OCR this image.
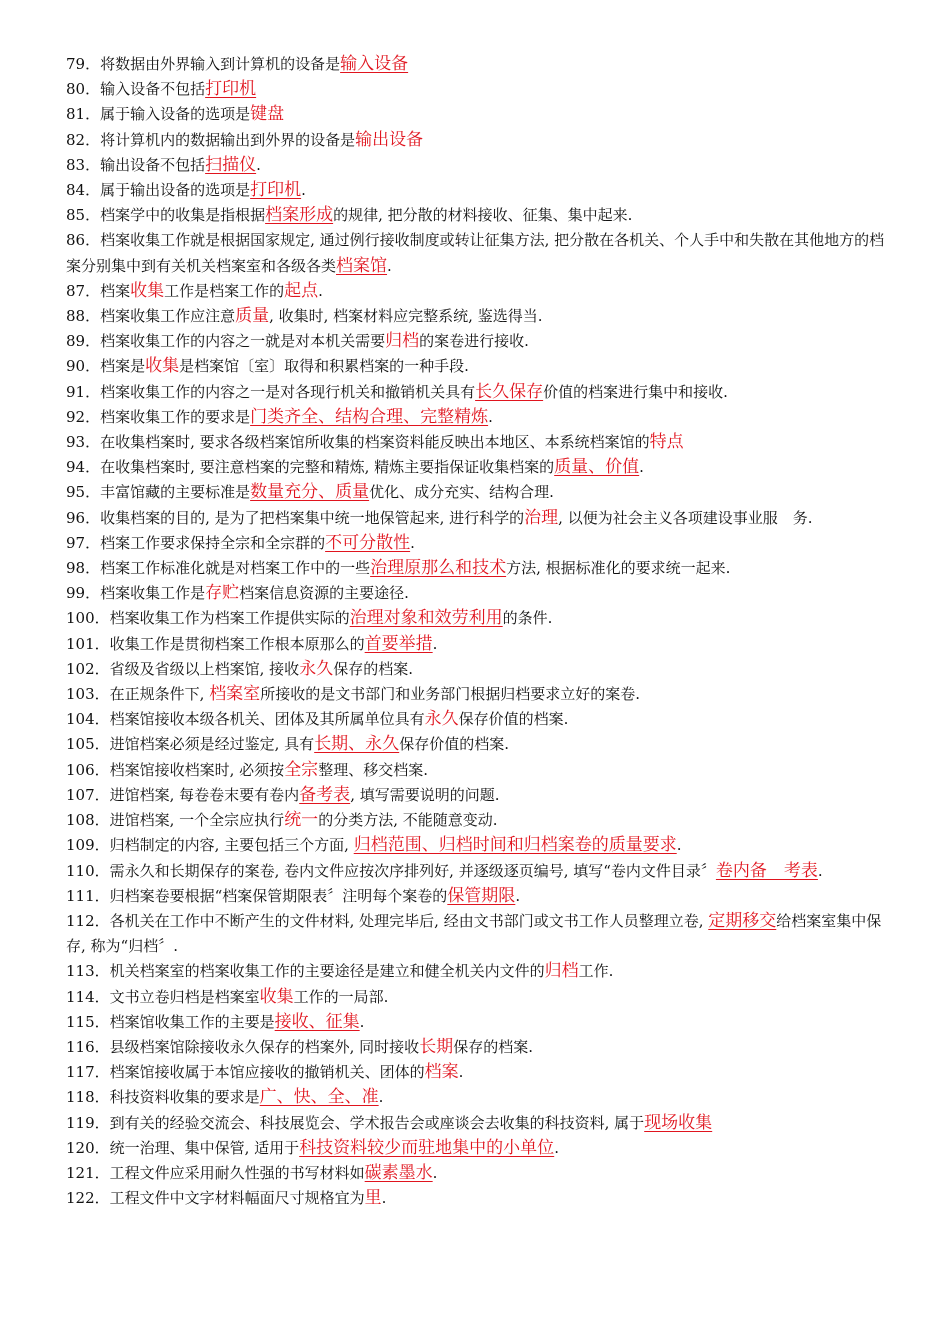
79．将数据由外界输入到计算机的设备是输入设备
80．输入设备不包括打印机
81．属于输入设备的选项是键盘
82．将计算机内的数据输出到外界的设备是输出设备
83．输出设备不包括扫描仪.
84．属于输出设备的选项是打印机.
85．档案学中的收集是指根据档案形成的规律, 把分散的材料接收、征集、集中起来.
86．档案收集工作就是根据国家规定, 通过例行接收制度或转让征集方法, 把分散在各机关、个人手中和失散在其他地方的档案分别集中到有关机关档案室和各级各类档案馆.
87．档案收集工作是档案工作的起点.
88．档案收集工作应注意质量, 收集时, 档案材料应完整系统, 鉴选得当.
89．档案收集工作的内容之一就是对本机关需要归档的案卷进行接收.
90．档案是收集是档案馆〔室〕取得和积累档案的一种手段.
91．档案收集工作的内容之一是对各现行机关和撤销机关具有长久保存价值的档案进行集中和接收.
92．档案收集工作的要求是门类齐全、结构合理、完整精炼.
93．在收集档案时, 要求各级档案馆所收集的档案资料能反映出本地区、本系统档案馆的特点
94．在收集档案时, 要注意档案的完整和精炼, 精炼主要指保证收集档案的质量、价值.
95．丰富馆藏的主要标准是数量充分、质量优化、成分充实、结构合理.
96．收集档案的目的, 是为了把档案集中统一地保管起来, 进行科学的治理, 以便为社会主义各项建设事业服　务.
97．档案工作要求保持全宗和全宗群的不可分散性.
98．档案工作标准化就是对档案工作中的一些治理原那么和技术方法, 根据标准化的要求统一起来.
99．档案收集工作是存贮档案信息资源的主要途径.
100．档案收集工作为档案工作提供实际的治理对象和效劳利用的条件.
101．收集工作是贯彻档案工作根本原那么的首要举措.
102．省级及省级以上档案馆, 接收永久保存的档案.
103．在正规条件下, 档案室所接收的是文书部门和业务部门根据归档要求立好的案卷.
104．档案馆接收本级各机关、团体及其所属单位具有永久保存价值的档案.
105．进馆档案必须是经过鉴定, 具有长期、永久保存价值的档案.
106．档案馆接收档案时, 必须按全宗整理、移交档案.
107．进馆档案, 每卷卷末要有卷内备考表, 填写需要说明的问题.
108．进馆档案, 一个全宗应执行统一的分类方法, 不能随意变动.
109．归档制定的内容, 主要包括三个方面, 归档范围、归档时间和归档案卷的质量要求.
110．需永久和长期保存的案卷, 卷内文件应按次序排列好, 并逐级逐页编号, 填写“卷内文件目录〞卷内备　考表.
111．归档案卷要根据“档案保管期限表〞注明每个案卷的保管期限.
112．各机关在工作中不断产生的文件材料, 处理完毕后, 经由文书部门或文书工作人员整理立卷, 定期移交给档案室集中保存, 称为“归档〞.
113．机关档案室的档案收集工作的主要途径是建立和健全机关内文件的归档工作.
114．文书立卷归档是档案室收集工作的一局部.
115．档案馆收集工作的主要是接收、征集.
116．县级档案馆除接收永久保存的档案外, 同时接收长期保存的档案.
117．档案馆接收属于本馆应接收的撤销机关、团体的档案.
118．科技资料收集的要求是广、快、全、准.
119．到有关的经验交流会、科技展览会、学术报告会或座谈会去收集的科技资料, 属于现场收集
120．统一治理、集中保管, 适用于科技资料较少而驻地集中的小单位.
121．工程文件应采用耐久性强的书写材料如碳素墨水.
122．工程文件中文字材料幅面尺寸规格宜为里.
